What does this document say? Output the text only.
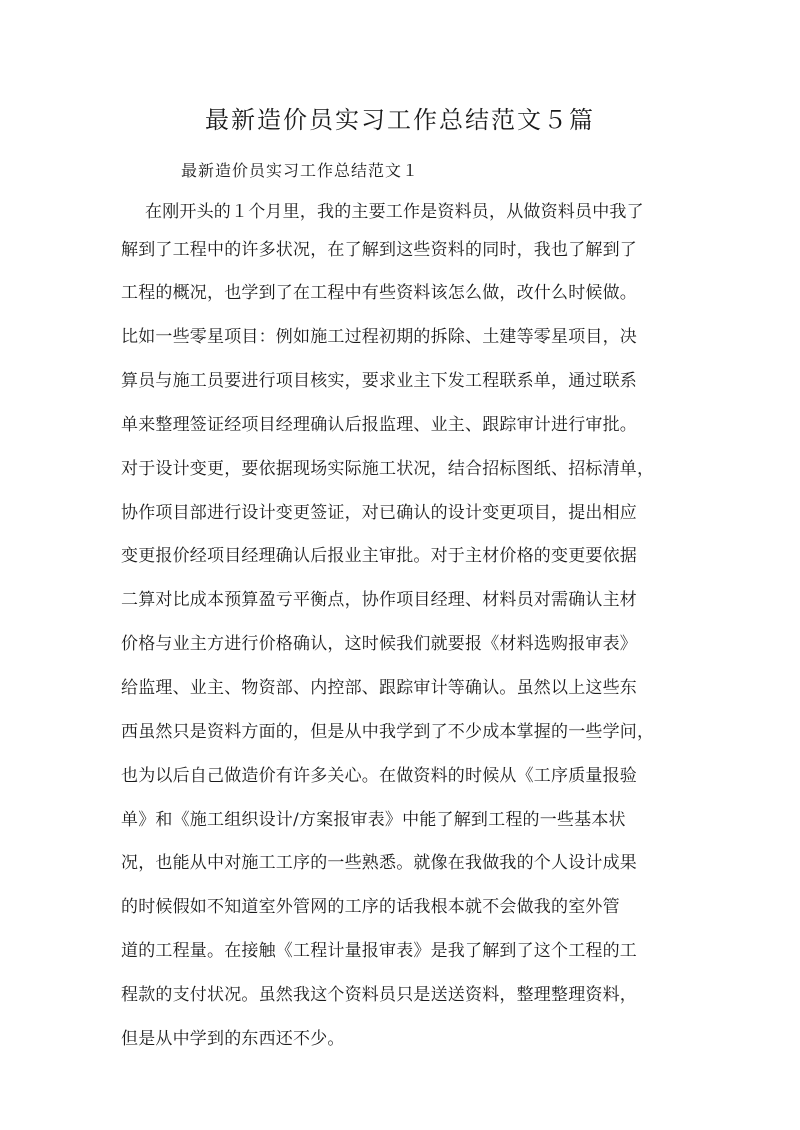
最新造价员实习工作总结范文５篇

最新造价员实习工作总结范文１

在刚开头的１个月里，我的主要工作是资料员，从做资料员中我了
解到了工程中的许多状况，在了解到这些资料的同时，我也了解到了
工程的概况，也学到了在工程中有些资料该怎么做，改什么时候做。
比如一些零星项目：例如施工过程初期的拆除、土建等零星项目，决
算员与施工员要进行项目核实，要求业主下发工程联系单，通过联系
单来整理签证经项目经理确认后报监理、业主、跟踪审计进行审批。
对于设计变更，要依据现场实际施工状况，结合招标图纸、招标清单，
协作项目部进行设计变更签证，对已确认的设计变更项目，提出相应
变更报价经项目经理确认后报业主审批。对于主材价格的变更要依据
二算对比成本预算盈亏平衡点，协作项目经理、材料员对需确认主材
价格与业主方进行价格确认，这时候我们就要报《材料选购报审表》
给监理、业主、物资部、内控部、跟踪审计等确认。虽然以上这些东
西虽然只是资料方面的，但是从中我学到了不少成本掌握的一些学问，
也为以后自己做造价有许多关心。在做资料的时候从《工序质量报验
单》和《施工组织设计/方案报审表》中能了解到工程的一些基本状
况，也能从中对施工工序的一些熟悉。就像在我做我的个人设计成果
的时候假如不知道室外管网的工序的话我根本就不会做我的室外管
道的工程量。在接触《工程计量报审表》是我了解到了这个工程的工
程款的支付状况。虽然我这个资料员只是送送资料，整理整理资料，
但是从中学到的东西还不少。
